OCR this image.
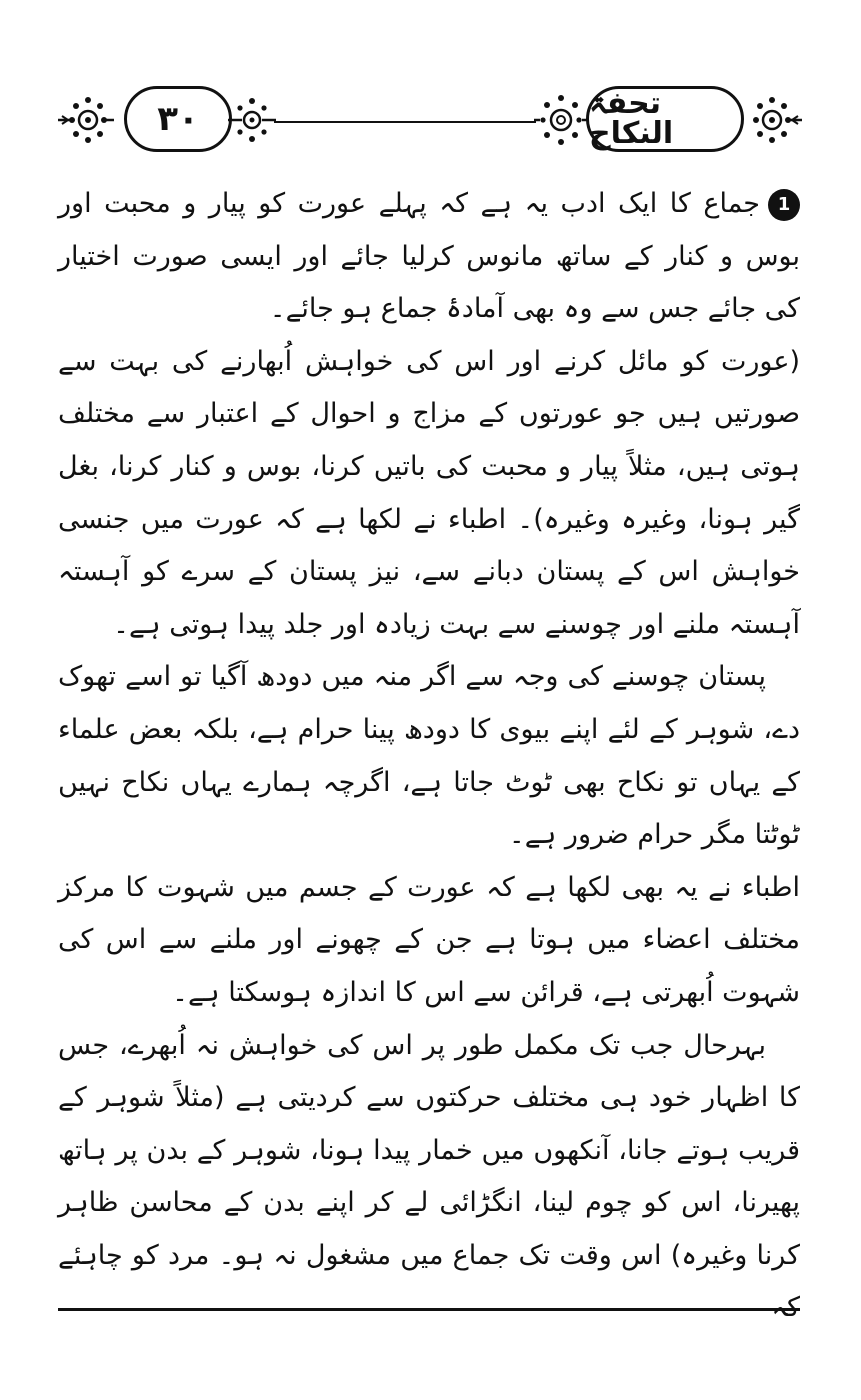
۳۰	تحفۃ النکاح

1جماع کا ایک ادب یہ ہے کہ پہلے عورت کو پیار و محبت اور بوس و کنار کے ساتھ مانوس کرلیا جائے اور ایسی صورت اختیار کی جائے جس سے وہ بھی آمادۂ جماع ہو جائے۔

(عورت کو مائل کرنے اور اس کی خواہش اُبھارنے کی بہت سے صورتیں ہیں جو عورتوں کے مزاج و احوال کے اعتبار سے مختلف ہوتی ہیں، مثلاً پیار و محبت کی باتیں کرنا، بوس و کنار کرنا، بغل گیر ہونا، وغیرہ وغیرہ)۔ اطباء نے لکھا ہے کہ عورت میں جنسی خواہش اس کے پستان دبانے سے، نیز پستان کے سرے کو آہستہ آہستہ ملنے اور چوسنے سے بہت زیادہ اور جلد پیدا ہوتی ہے۔

پستان چوسنے کی وجہ سے اگر منہ میں دودھ آگیا تو اسے تھوک دے، شوہر کے لئے اپنے بیوی کا دودھ پینا حرام ہے، بلکہ بعض علماء کے یہاں تو نکاح بھی ٹوٹ جاتا ہے، اگرچہ ہمارے یہاں نکاح نہیں ٹوٹتا مگر حرام ضرور ہے۔

اطباء نے یہ بھی لکھا ہے کہ عورت کے جسم میں شہوت کا مرکز مختلف اعضاء میں ہوتا ہے جن کے چھونے اور ملنے سے اس کی شہوت اُبھرتی ہے، قرائن سے اس کا اندازہ ہوسکتا ہے۔

بہرحال جب تک مکمل طور پر اس کی خواہش نہ اُبھرے، جس کا اظہار خود ہی مختلف حرکتوں سے کردیتی ہے (مثلاً شوہر کے قریب ہوتے جانا، آنکھوں میں خمار پیدا ہونا، شوہر کے بدن پر ہاتھ پھیرنا، اس کو چوم لینا، انگڑائی لے کر اپنے بدن کے محاسن ظاہر کرنا وغیرہ) اس وقت تک جماع میں مشغول نہ ہو۔ مرد کو چاہئے کہ
